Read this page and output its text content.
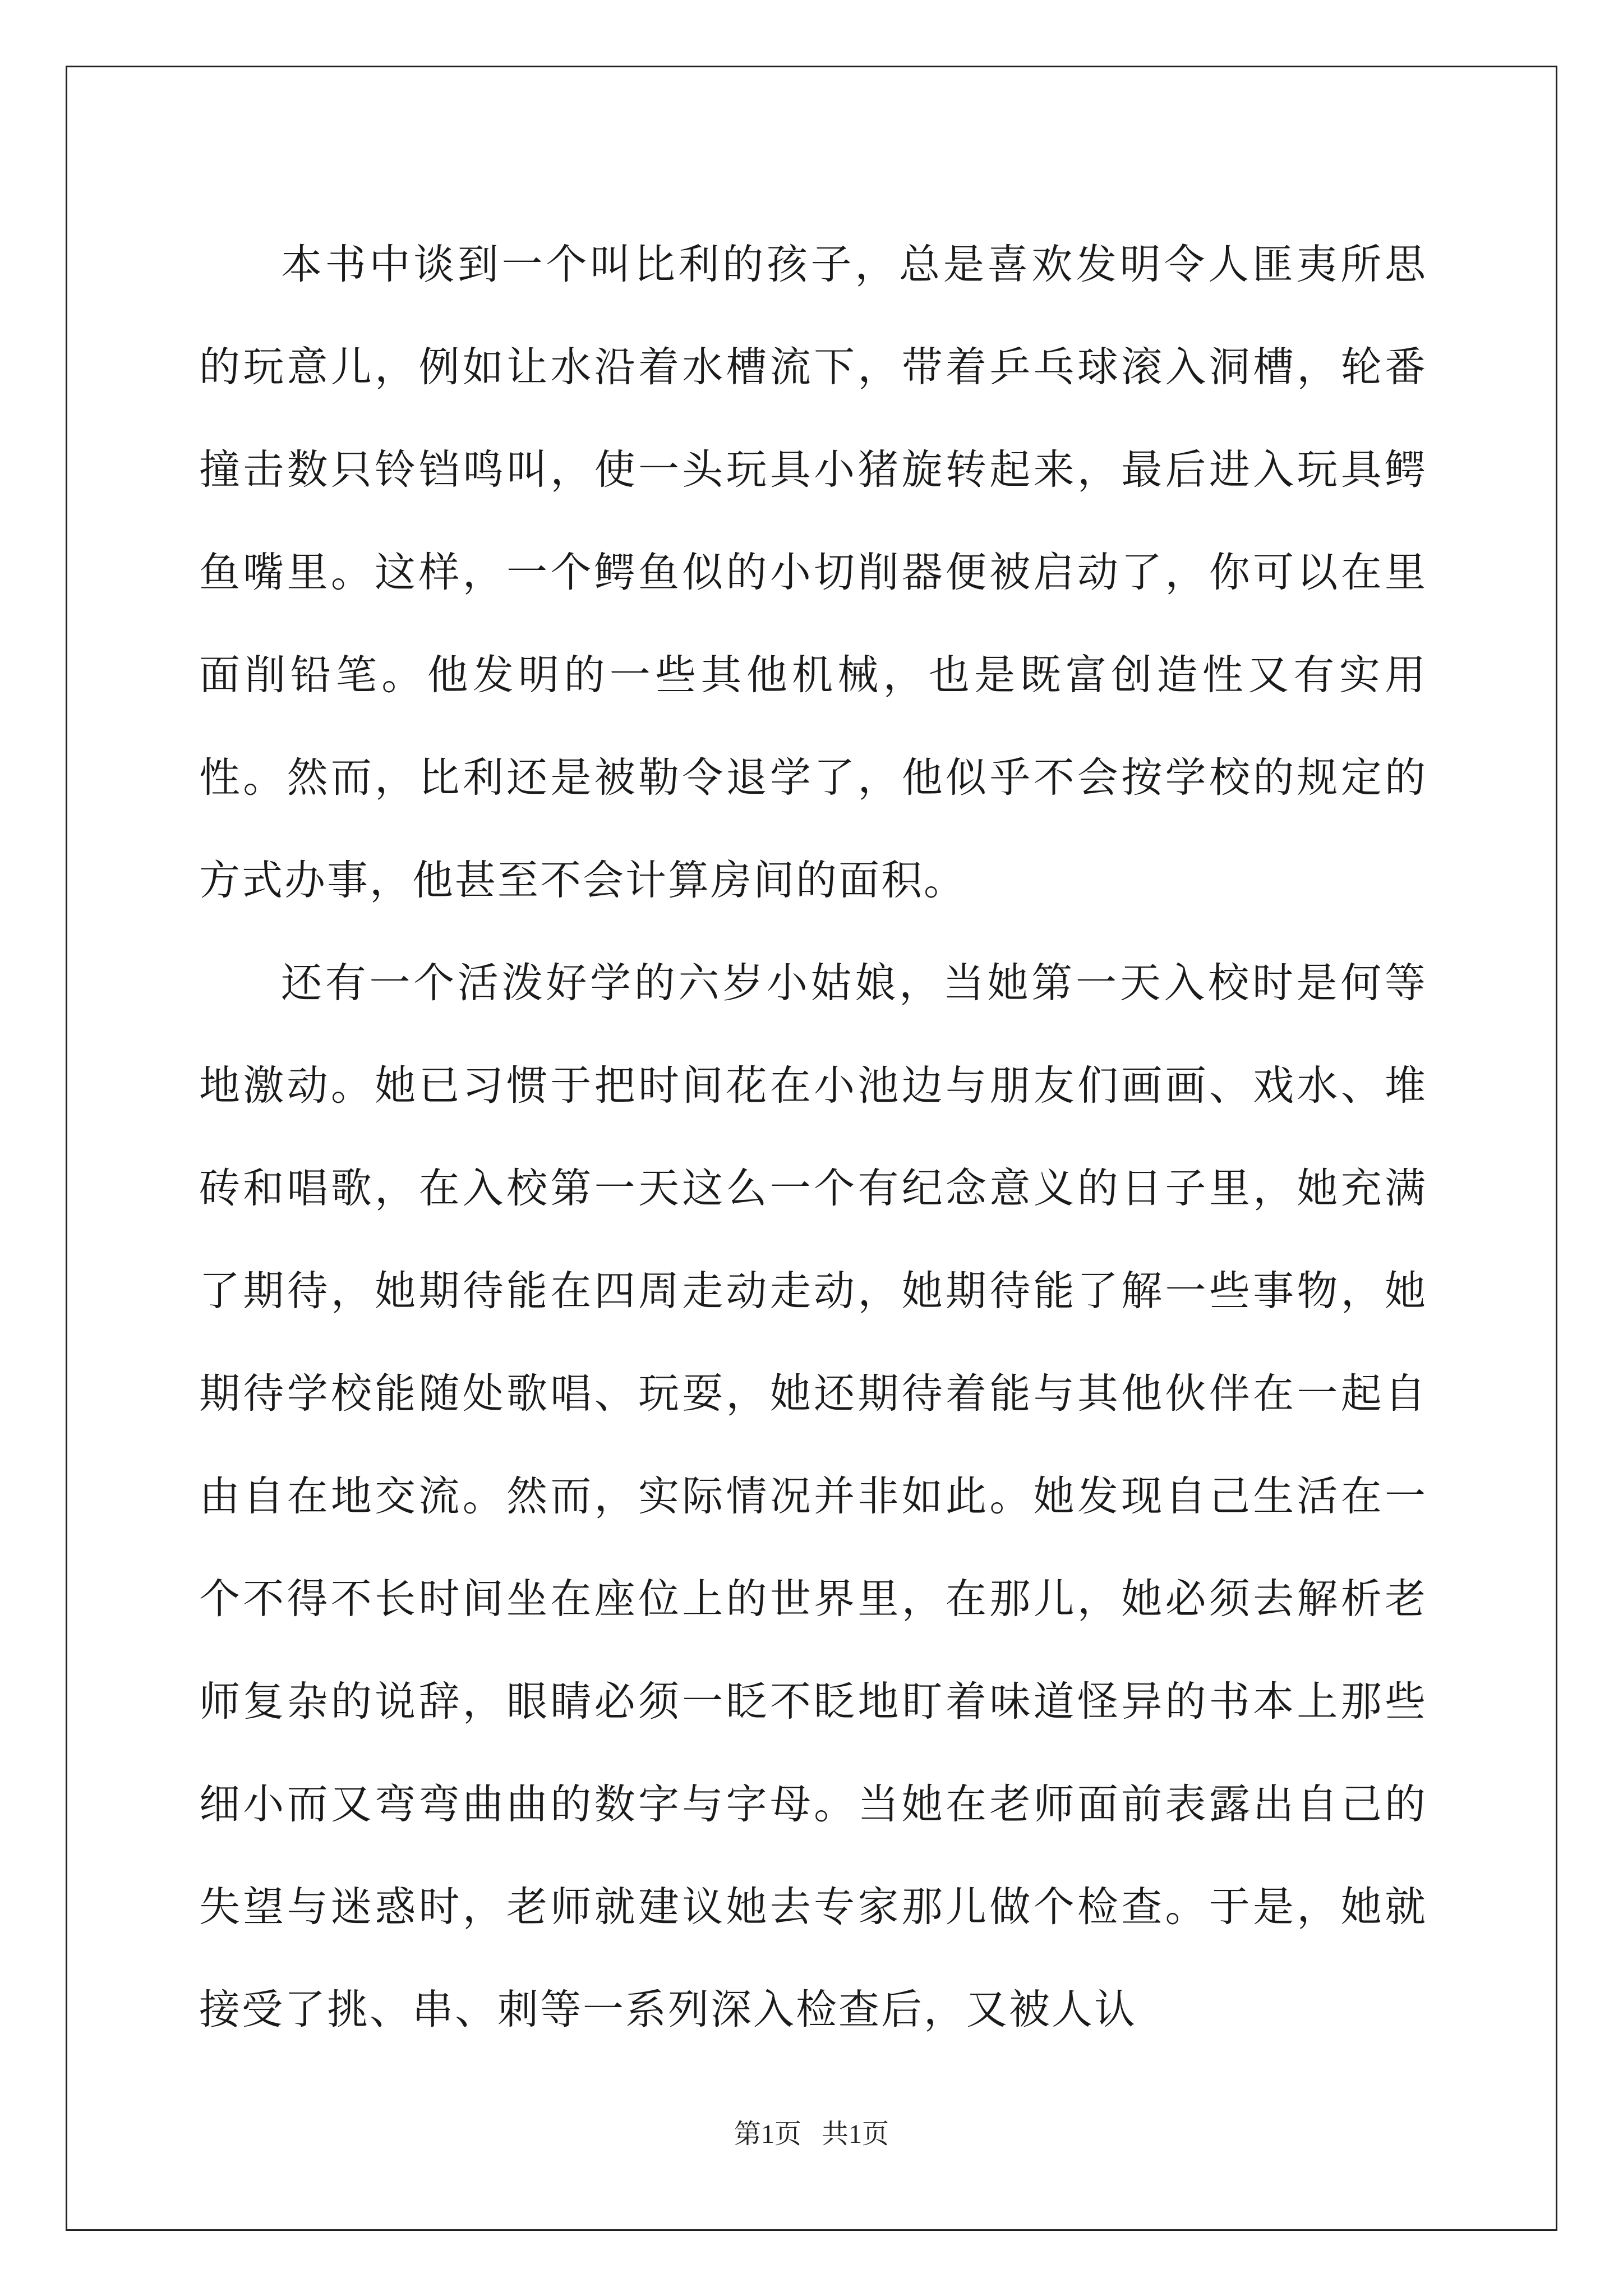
本书中谈到一个叫比利的孩子，总是喜欢发明令人匪夷所思的玩意儿，例如让水沿着水槽流下，带着乒乓球滚入洞槽，轮番撞击数只铃铛鸣叫，使一头玩具小猪旋转起来，最后进入玩具鳄鱼嘴里。这样，一个鳄鱼似的小切削器便被启动了，你可以在里面削铅笔。他发明的一些其他机械，也是既富创造性又有实用性。然而，比利还是被勒令退学了，他似乎不会按学校的规定的方式办事，他甚至不会计算房间的面积。

还有一个活泼好学的六岁小姑娘，当她第一天入校时是何等地激动。她已习惯于把时间花在小池边与朋友们画画、戏水、堆砖和唱歌，在入校第一天这么一个有纪念意义的日子里，她充满了期待，她期待能在四周走动走动，她期待能了解一些事物，她期待学校能随处歌唱、玩耍，她还期待着能与其他伙伴在一起自由自在地交流。然而，实际情况并非如此。她发现自己生活在一个不得不长时间坐在座位上的世界里，在那儿，她必须去解析老师复杂的说辞，眼睛必须一眨不眨地盯着味道怪异的书本上那些细小而又弯弯曲曲的数字与字母。当她在老师面前表露出自己的失望与迷惑时，老师就建议她去专家那儿做个检查。于是，她就接受了挑、串、刺等一系列深入检查后，又被人认

第1页   共1页
